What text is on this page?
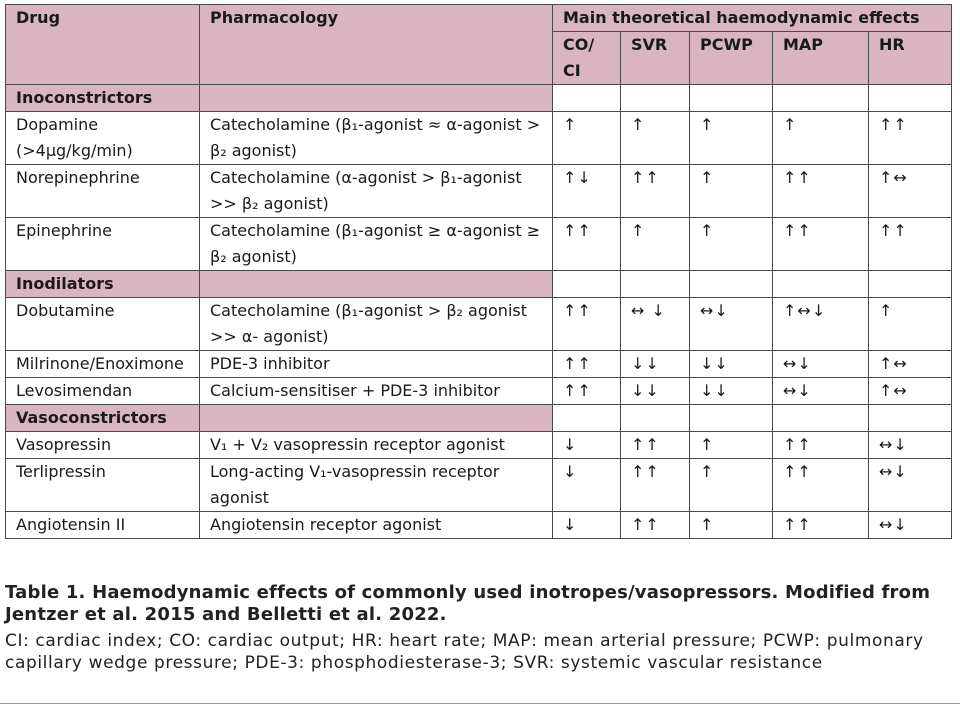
Drug	Pharmacology	Main theoretical haemodynamic effects				
		CO/ CI	SVR	PCWP	MAP	HR
Inoconstrictors						
Dopamine (>4µg/kg/min)	Catecholamine (β₁-agonist ≈ α-agonist > β₂ agonist)	↑	↑	↑	↑	↑↑
Norepinephrine	Catecholamine (α-agonist > β₁-agonist >> β₂ agonist)	↑↓	↑↑	↑	↑↑	↑↔
Epinephrine	Catecholamine (β₁-agonist ≥ α-agonist ≥ β₂ agonist)	↑↑	↑	↑	↑↑	↑↑
Inodilators						
Dobutamine	Catecholamine (β₁-agonist > β₂ agonist >> α- agonist)	↑↑	↔ ↓	↔↓	↑↔↓	↑
Milrinone/Enoximone	PDE-3 inhibitor	↑↑	↓↓	↓↓	↔↓	↑↔
Levosimendan	Calcium-sensitiser + PDE-3 inhibitor	↑↑	↓↓	↓↓	↔↓	↑↔
Vasoconstrictors						
Vasopressin	V₁ + V₂ vasopressin receptor agonist	↓	↑↑	↑	↑↑	↔↓
Terlipressin	Long-acting V₁-vasopressin receptor agonist	↓	↑↑	↑	↑↑	↔↓
Angiotensin II	Angiotensin receptor agonist	↓	↑↑	↑	↑↑	↔↓
Table 1. Haemodynamic effects of commonly used inotropes/vasopressors. Modified from Jentzer et al. 2015 and Belletti et al. 2022.
CI: cardiac index; CO: cardiac output; HR: heart rate; MAP: mean arterial pressure; PCWP: pulmonary capillary wedge pressure; PDE-3: phosphodiesterase-3; SVR: systemic vascular resistance
